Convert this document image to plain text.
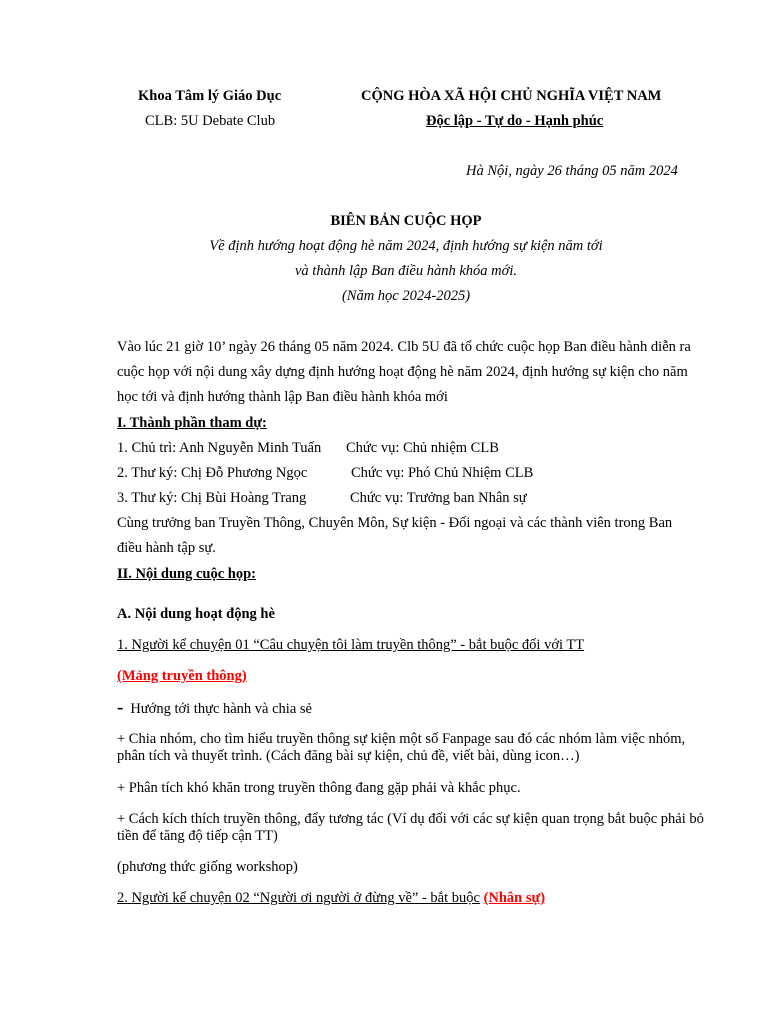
Khoa Tâm lý Giáo Dục
CLB: 5U Debate Club
CỘNG HÒA XÃ HỘI CHỦ NGHĨA VIỆT NAM
Độc lập - Tự do - Hạnh phúc
Hà Nội, ngày 26 tháng 05 năm 2024
BIÊN BẢN CUỘC HỌP
Về định hướng hoạt động hè năm 2024, định hướng sự kiện năm tới
và thành lập Ban điều hành khóa mới.
(Năm học 2024-2025)
Vào lúc 21 giờ 10’ ngày 26 tháng 05 năm 2024. Clb 5U đã tổ chức cuộc họp Ban điều hành diễn ra cuộc họp với nội dung xây dựng định hướng hoạt động hè năm 2024, định hướng sự kiện cho năm học tới và định hướng thành lập Ban điều hành khóa mới
I. Thành phần tham dự:
1. Chủ trì: Anh Nguyễn Minh Tuấn Chức vụ: Chủ nhiệm CLB
2. Thư ký: Chị Đỗ Phương Ngọc	Chức vụ: Phó Chủ Nhiệm CLB
3. Thư ký: Chị Bùi Hoàng Trang	Chức vụ: Trưởng ban Nhân sự
Cùng trưởng ban Truyền Thông, Chuyên Môn, Sự kiện - Đối ngoại và các thành viên trong Ban điều hành tập sự.
II. Nội dung cuộc họp:
A. Nội dung hoạt động hè
1. Người kể chuyện 01 “Câu chuyện tôi làm truyền thông” - bắt buộc đối với TT
(Mảng truyền thông)
- Hướng tới thực hành và chia sẻ
+ Chia nhóm, cho tìm hiểu truyền thông sự kiện một số Fanpage sau đó các nhóm làm việc nhóm, phân tích và thuyết trình. (Cách đăng bài sự kiện, chủ đề, viết bài, dùng icon…)
+ Phân tích khó khăn trong truyền thông đang gặp phải và khắc phục.
+ Cách kích thích truyền thông, đẩy tương tác (Ví dụ đối với các sự kiện quan trọng bắt buộc phải bỏ tiền để tăng độ tiếp cận TT)
(phương thức giống workshop)
2. Người kể chuyện 02 “Người ơi người ở đừng về” - bắt buộc (Nhân sự)
